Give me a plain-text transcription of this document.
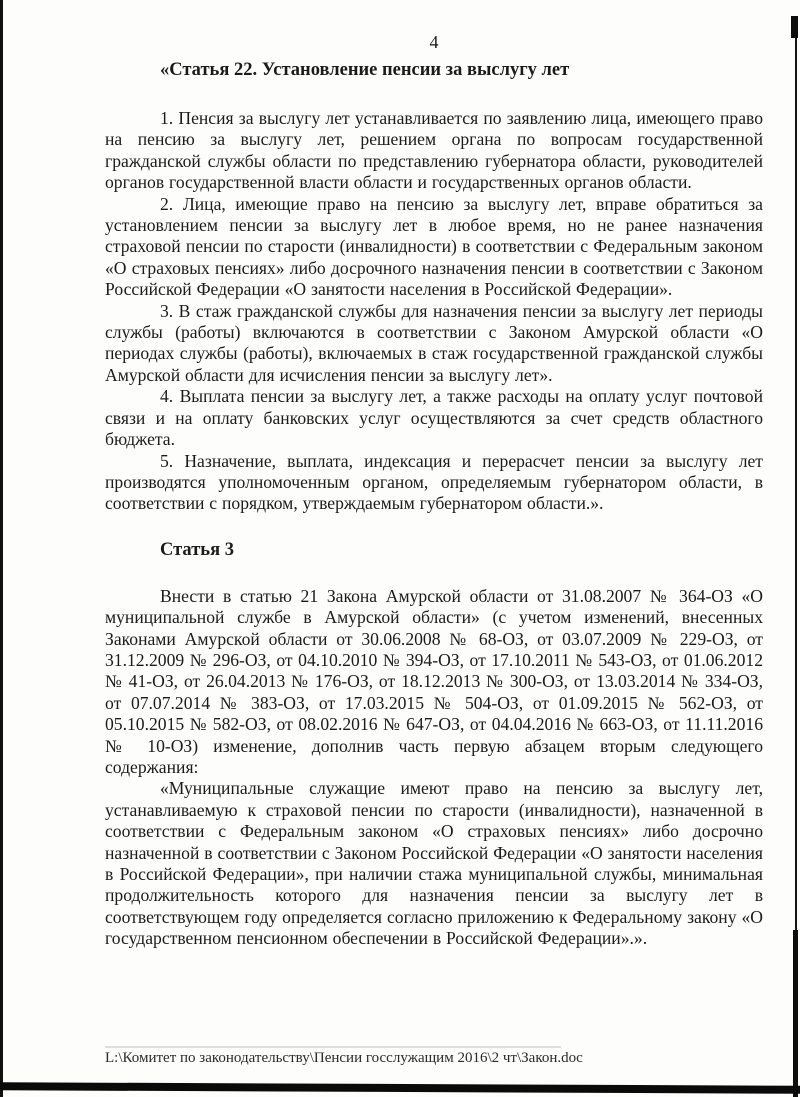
4
«Статья 22. Установление пенсии за выслугу лет

1. Пенсия за выслугу лет устанавливается по заявлению лица, имеющего право на пенсию за выслугу лет, решением органа по вопросам государственной гражданской службы области по представлению губернатора области, руководителей органов государственной власти области и государственных органов области.

2. Лица, имеющие право на пенсию за выслугу лет, вправе обратиться за установлением пенсии за выслугу лет в любое время, но не ранее назначения страховой пенсии по старости (инвалидности) в соответствии с Федеральным законом «О страховых пенсиях» либо досрочного назначения пенсии в соответствии с Законом Российской Федерации «О занятости населения в Российской Федерации».

3. В стаж гражданской службы для назначения пенсии за выслугу лет периоды службы (работы) включаются в соответствии с Законом Амурской области «О периодах службы (работы), включаемых в стаж государственной гражданской службы Амурской области для исчисления пенсии за выслугу лет».

4. Выплата пенсии за выслугу лет, а также расходы на оплату услуг почтовой связи и на оплату банковских услуг осуществляются за счет средств областного бюджета.

5. Назначение, выплата, индексация и перерасчет пенсии за выслугу лет производятся уполномоченным органом, определяемым губернатором области, в соответствии с порядком, утверждаемым губернатором области.».

Статья 3

Внести в статью 21 Закона Амурской области от 31.08.2007 № 364-ОЗ «О муниципальной службе в Амурской области» (с учетом изменений, внесенных Законами Амурской области от 30.06.2008 № 68-ОЗ, от 03.07.2009 № 229-ОЗ, от 31.12.2009 № 296-ОЗ, от 04.10.2010 № 394-ОЗ, от 17.10.2011 № 543-ОЗ, от 01.06.2012 № 41-ОЗ, от 26.04.2013 № 176-ОЗ, от 18.12.2013 № 300-ОЗ, от 13.03.2014 № 334-ОЗ, от 07.07.2014 № 383-ОЗ, от 17.03.2015 № 504-ОЗ, от 01.09.2015 № 562-ОЗ, от 05.10.2015 № 582-ОЗ, от 08.02.2016 № 647-ОЗ, от 04.04.2016 № 663-ОЗ, от 11.11.2016 № 10-ОЗ) изменение, дополнив часть первую абзацем вторым следующего содержания:

«Муниципальные служащие имеют право на пенсию за выслугу лет, устанавливаемую к страховой пенсии по старости (инвалидности), назначенной в соответствии с Федеральным законом «О страховых пенсиях» либо досрочно назначенной в соответствии с Законом Российской Федерации «О занятости населения в Российской Федерации», при наличии стажа муниципальной службы, минимальная продолжительность которого для назначения пенсии за выслугу лет в соответствующем году определяется согласно приложению к Федеральному закону «О государственном пенсионном обеспечении в Российской Федерации».».

L:\Комитет по законодательству\Пенсии госслужащим 2016\2 чт\Закон.doc
